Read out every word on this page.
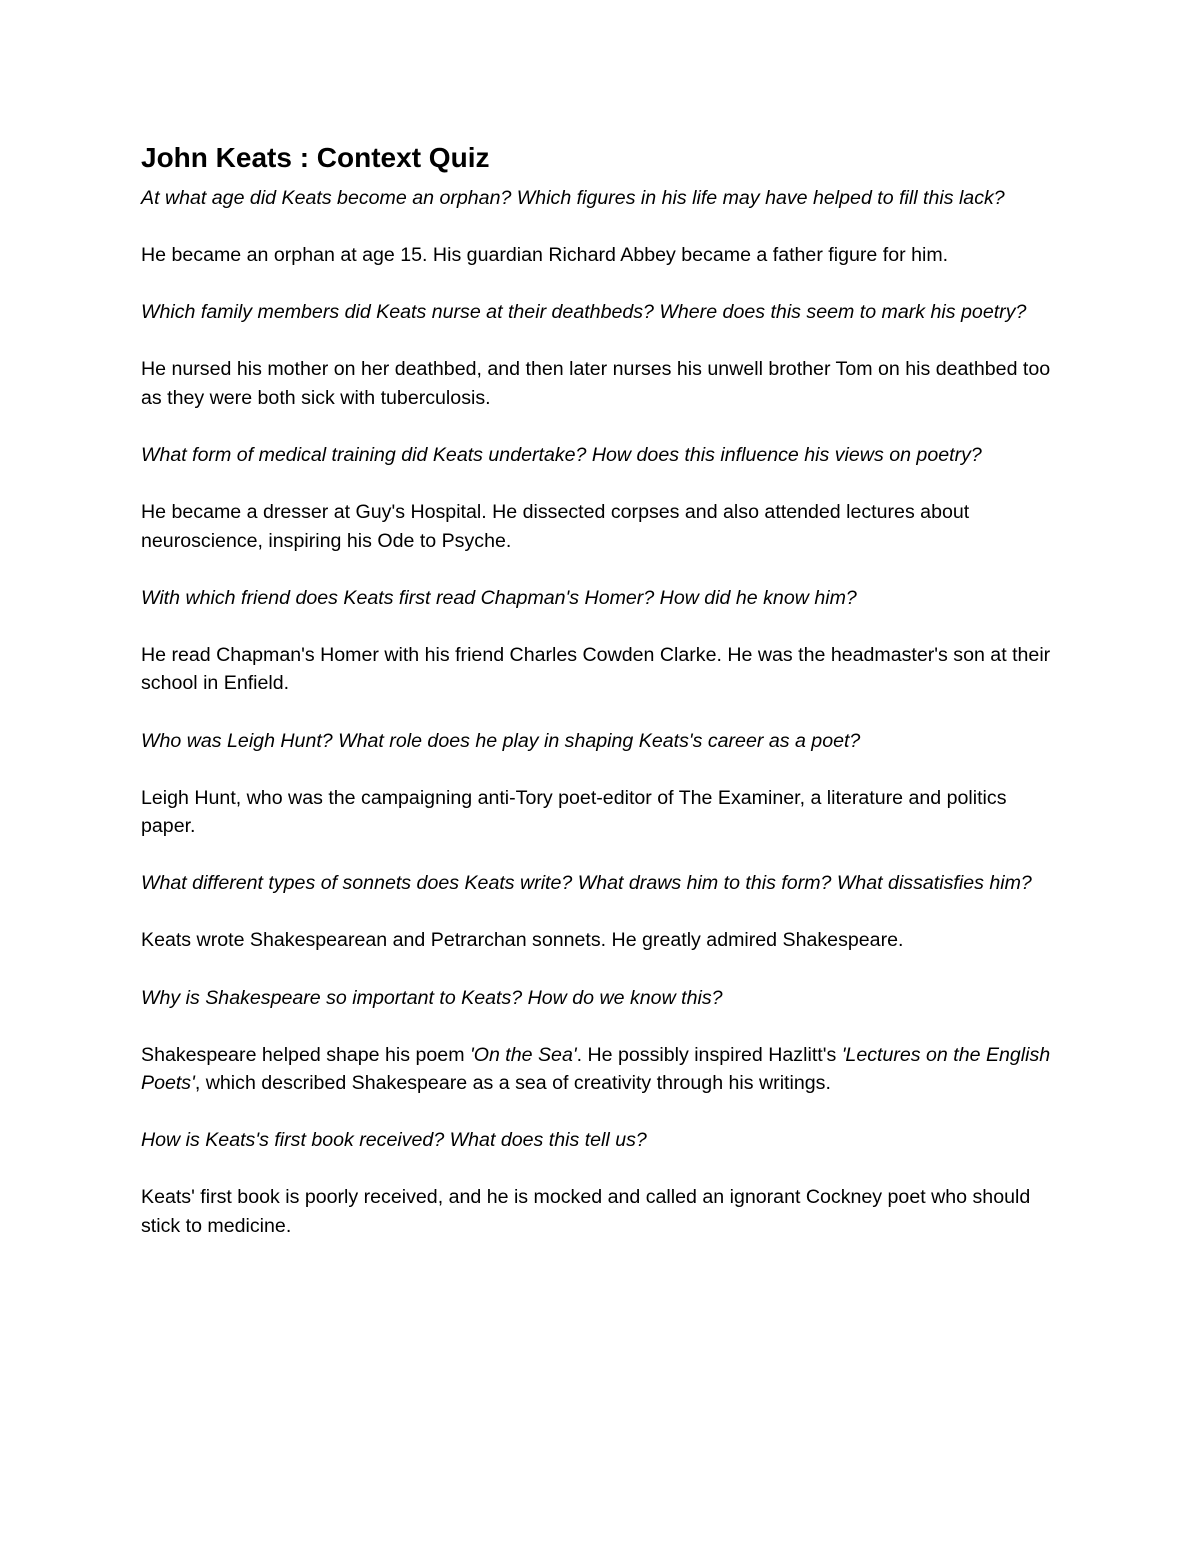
John Keats : Context Quiz

At what age did Keats become an orphan? Which figures in his life may have helped to fill this lack?

He became an orphan at age 15. His guardian Richard Abbey became a father figure for him.

Which family members did Keats nurse at their deathbeds? Where does this seem to mark his poetry?

He nursed his mother on her deathbed, and then later nurses his unwell brother Tom on his deathbed too as they were both sick with tuberculosis.

What form of medical training did Keats undertake? How does this influence his views on poetry?

He became a dresser at Guy's Hospital. He dissected corpses and also attended lectures about neuroscience, inspiring his Ode to Psyche.

With which friend does Keats first read Chapman's Homer? How did he know him?

He read Chapman's Homer with his friend Charles Cowden Clarke. He was the headmaster's son at their school in Enfield.

Who was Leigh Hunt? What role does he play in shaping Keats's career as a poet?

Leigh Hunt, who was the campaigning anti-Tory poet-editor of The Examiner, a literature and politics paper.

What different types of sonnets does Keats write? What draws him to this form? What dissatisfies him?

Keats wrote Shakespearean and Petrarchan sonnets. He greatly admired Shakespeare.

Why is Shakespeare so important to Keats? How do we know this?

Shakespeare helped shape his poem 'On the Sea'. He possibly inspired Hazlitt's 'Lectures on the English Poets', which described Shakespeare as a sea of creativity through his writings.

How is Keats's first book received? What does this tell us?

Keats' first book is poorly received, and he is mocked and called an ignorant Cockney poet who should stick to medicine.
